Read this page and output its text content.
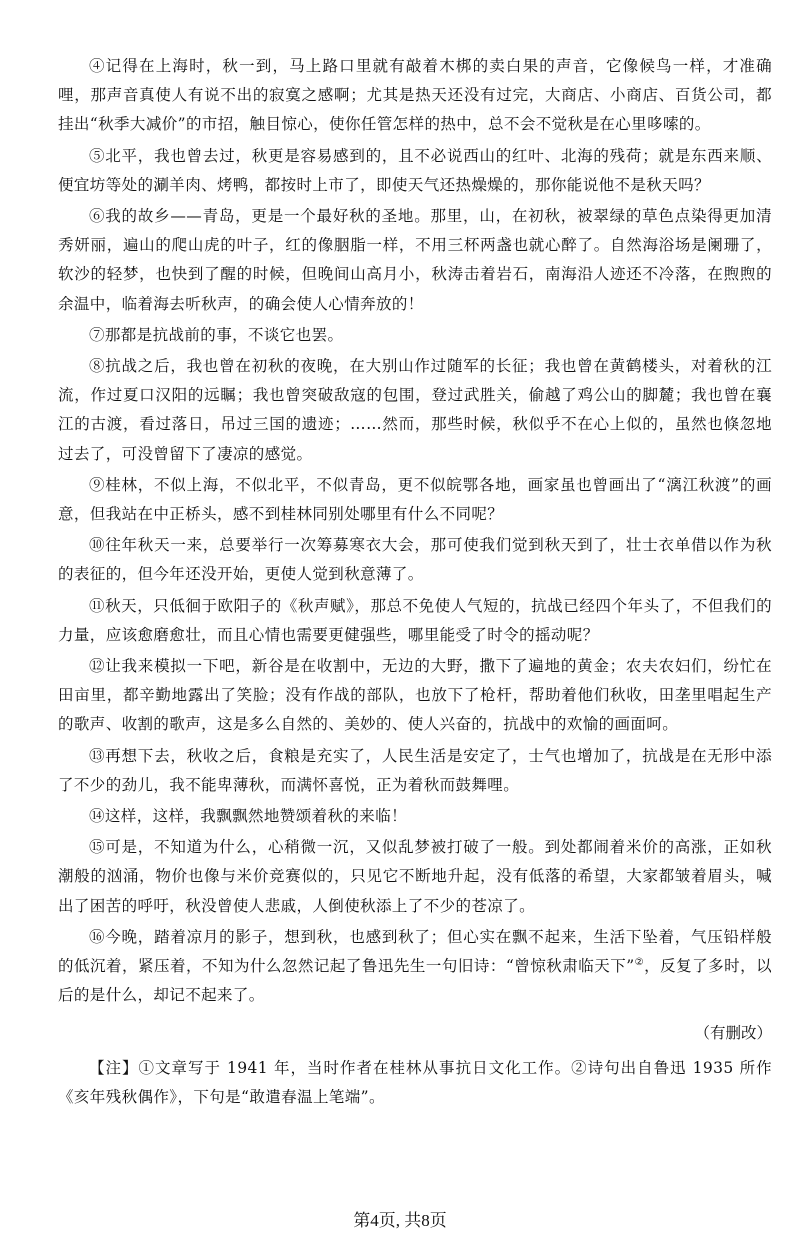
④记得在上海时，秋一到，马上路口里就有敲着木梆的卖白果的声音，它像候鸟一样，才准确哩，那声音真使人有说不出的寂寞之感啊；尤其是热天还没有过完，大商店、小商店、百货公司，都挂出“秋季大减价”的市招，触目惊心，使你任管怎样的热中，总不会不觉秋是在心里哆嗦的。

⑤北平，我也曾去过，秋更是容易感到的，且不必说西山的红叶、北海的残荷；就是东西来顺、便宜坊等处的涮羊肉、烤鸭，都按时上市了，即使天气还热燥燥的，那你能说他不是秋天吗？

⑥我的故乡——青岛，更是一个最好秋的圣地。那里，山，在初秋，被翠绿的草色点染得更加清秀妍丽，遍山的爬山虎的叶子，红的像胭脂一样，不用三杯两盏也就心醉了。自然海浴场是阑珊了，软沙的轻梦，也快到了醒的时候，但晚间山高月小，秋涛击着岩石，南海沿人迹还不冷落，在煦煦的余温中，临着海去听秋声，的确会使人心情奔放的！

⑦那都是抗战前的事，不谈它也罢。

⑧抗战之后，我也曾在初秋的夜晚，在大别山作过随军的长征；我也曾在黄鹤楼头，对着秋的江流，作过夏口汉阳的远瞩；我也曾突破敌寇的包围，登过武胜关，偷越了鸡公山的脚麓；我也曾在襄江的古渡，看过落日，吊过三国的遗迹；……然而，那些时候，秋似乎不在心上似的，虽然也倏忽地过去了，可没曾留下了凄凉的感觉。

⑨桂林，不似上海，不似北平，不似青岛，更不似皖鄂各地，画家虽也曾画出了“漓江秋渡”的画意，但我站在中正桥头，感不到桂林同别处哪里有什么不同呢？

⑩往年秋天一来，总要举行一次筹募寒衣大会，那可使我们觉到秋天到了，壮士衣单借以作为秋的表征的，但今年还没开始，更使人觉到秋意薄了。

⑪秋天，只低徊于欧阳子的《秋声赋》，那总不免使人气短的，抗战已经四个年头了，不但我们的力量，应该愈磨愈壮，而且心情也需要更健强些，哪里能受了时令的摇动呢？

⑫让我来模拟一下吧，新谷是在收割中，无边的大野，撒下了遍地的黄金；农夫农妇们，纷忙在田亩里，都辛勤地露出了笑脸；没有作战的部队，也放下了枪杆，帮助着他们秋收，田垄里唱起生产的歌声、收割的歌声，这是多么自然的、美妙的、使人兴奋的，抗战中的欢愉的画面呵。

⑬再想下去，秋收之后，食粮是充实了，人民生活是安定了，士气也增加了，抗战是在无形中添了不少的劲儿，我不能卑薄秋，而满怀喜悦，正为着秋而鼓舞哩。

⑭这样，这样，我飘飘然地赞颂着秋的来临！

⑮可是，不知道为什么，心稍微一沉，又似乱梦被打破了一般。到处都闹着米价的高涨，正如秋潮般的汹涌，物价也像与米价竞赛似的，只见它不断地升起，没有低落的希望，大家都皱着眉头，喊出了困苦的呼吁，秋没曾使人悲戚，人倒使秋添上了不少的苍凉了。

⑯今晚，踏着凉月的影子，想到秋，也感到秋了；但心实在飘不起来，生活下坠着，气压铅样般的低沉着，紧压着，不知为什么忽然记起了鲁迅先生一句旧诗：“曾惊秋肃临天下”②，反复了多时，以后的是什么，却记不起来了。

（有删改）

【注】①文章写于 1941 年，当时作者在桂林从事抗日文化工作。②诗句出自鲁迅 1935 所作《亥年残秋偶作》，下句是“敢遣春温上笔端”。

第4页, 共8页
